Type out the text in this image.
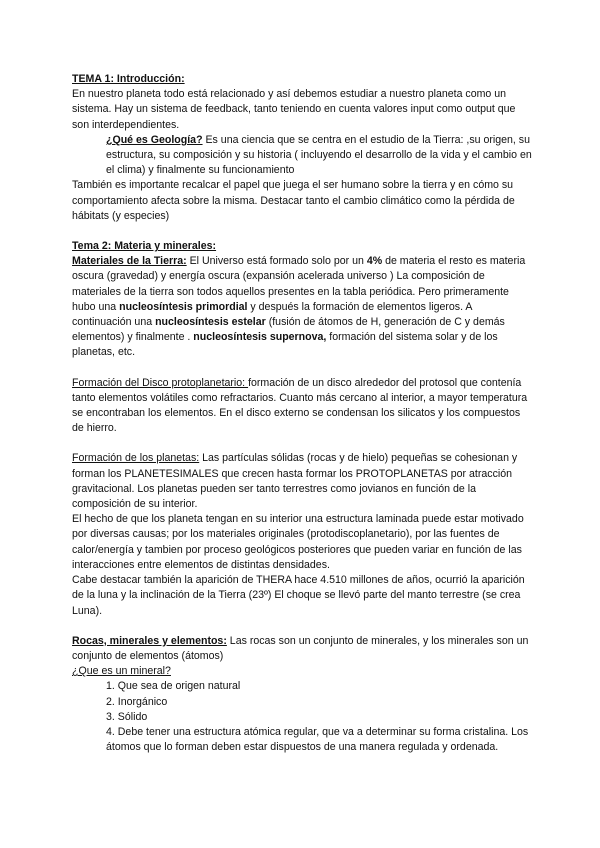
TEMA 1: Introducción:

En nuestro planeta todo está relacionado y así debemos estudiar a nuestro planeta como un sistema. Hay un sistema de feedback, tanto teniendo en cuenta valores input como output que son interdependientes.

¿Qué es Geología? Es una ciencia que se centra en el estudio de la Tierra: ,su origen, su estructura, su composición y su historia ( incluyendo el desarrollo de la vida y el cambio en el clima) y finalmente su funcionamiento

También es importante recalcar el papel que juega el ser humano sobre la tierra y en cómo su comportamiento afecta sobre la misma. Destacar tanto el cambio climático como la pérdida de hábitats (y especies)

Tema 2: Materia y minerales:

Materiales de la Tierra: El Universo está formado solo por un 4% de materia el resto es materia oscura (gravedad) y energía oscura (expansión acelerada universo ) La composición de materiales de la tierra son todos aquellos presentes en la tabla periódica. Pero primeramente hubo una nucleosíntesis primordial y después la formación de elementos ligeros. A continuación una nucleosíntesis estelar (fusión de átomos de H, generación de C y demás elementos) y finalmente . nucleosíntesis supernova, formación del sistema solar y de los planetas, etc.

Formación del Disco protoplanetario: formación de un disco alrededor del protosol que contenía tanto elementos volátiles como refractarios. Cuanto más cercano al interior, a mayor temperatura se encontraban los elementos. En el disco externo se condensan los silicatos y los compuestos de hierro.

Formación de los planetas: Las partículas sólidas (rocas y de hielo) pequeñas se cohesionan y forman los PLANETESIMALES que crecen hasta formar los PROTOPLANETAS por atracción gravitacional. Los planetas pueden ser tanto terrestres como jovianos en función de la composición de su interior.

El hecho de que los planeta tengan en su interior una estructura laminada puede estar motivado por diversas causas; por los materiales originales (protodiscoplanetario), por las fuentes de calor/energía y tambien por proceso geológicos posteriores que pueden variar en función de las interacciones entre elementos de distintas densidades.

Cabe destacar también la aparición de THERA hace 4.510 millones de años, ocurrió la aparición de la luna y la inclinación de la Tierra (23º) El choque se llevó parte del manto terrestre (se crea Luna).

Rocas, minerales y elementos: Las rocas son un conjunto de minerales, y los minerales son un conjunto de elementos (átomos)

¿Que es un mineral?

1. Que sea de origen natural

2. Inorgánico

3. Sólido

4. Debe tener una estructura atómica regular, que va a determinar su forma cristalina. Los átomos que lo forman deben estar dispuestos de una manera regulada y ordenada.
